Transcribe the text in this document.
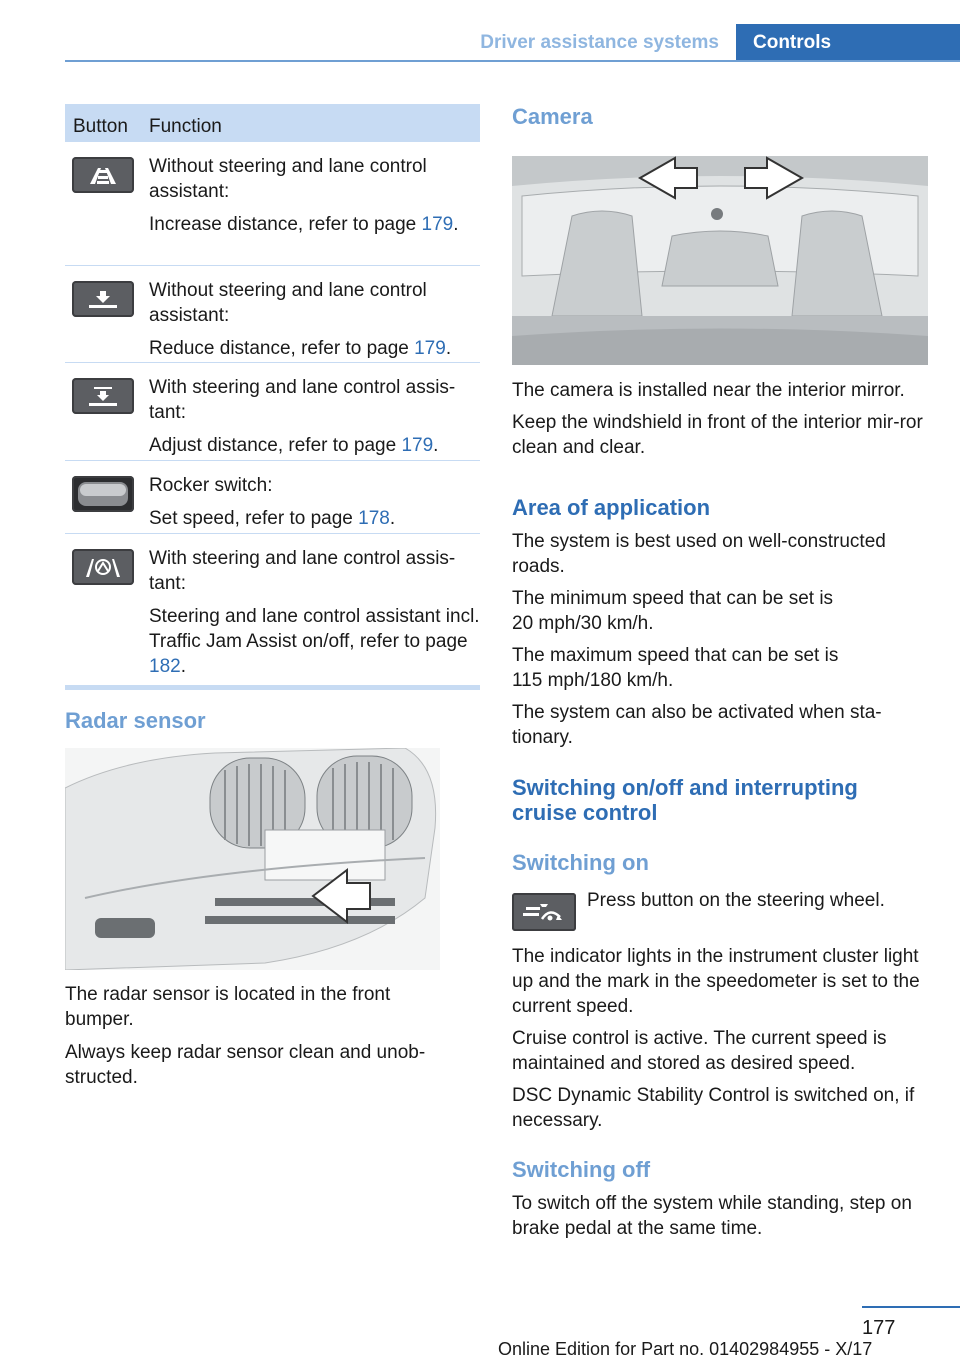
Driver assistance systems	Controls
Button Function

Without steering and lane control assistant:

Increase distance, refer to page 179.

Without steering and lane control assistant:

Reduce distance, refer to page 179.

With steering and lane control assis‐tant:

Adjust distance, refer to page 179.

Rocker switch:

Set speed, refer to page 178.

With steering and lane control assis‐tant:

Steering and lane control assistant incl. Traffic Jam Assist on/off, refer to page 182.

Radar sensor

The radar sensor is located in the front bumper.

Always keep radar sensor clean and unob‐structed.

Camera

The camera is installed near the interior mirror.

Keep the windshield in front of the interior mir‐ror clean and clear.

Area of application

The system is best used on well-constructed roads.

The minimum speed that can be set is
20 mph/30 km/h.

The maximum speed that can be set is
115 mph/180 km/h.

The system can also be activated when sta‐tionary.

Switching on/off and interrupting cruise control
Switching on

Press button on the steering wheel.

The indicator lights in the instrument cluster light up and the mark in the speedometer is set to the current speed.

Cruise control is active. The current speed is maintained and stored as desired speed.

DSC Dynamic Stability Control is switched on, if necessary.

Switching off

To switch off the system while standing, step on brake pedal at the same time.

177
Online Edition for Part no. 01402984955 - X/17
